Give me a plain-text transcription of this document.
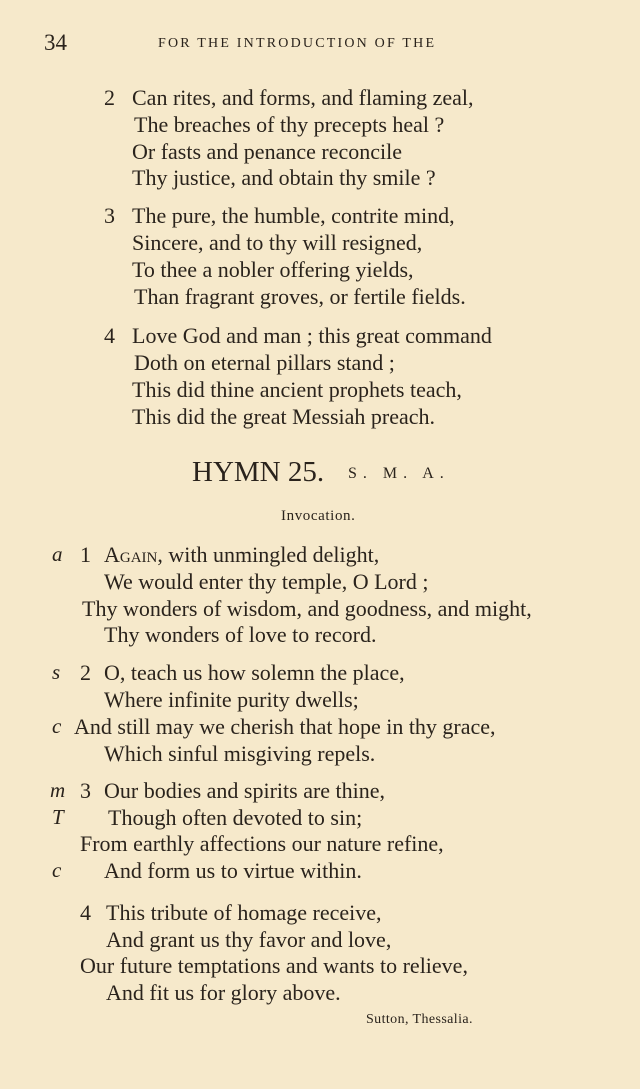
34	FOR THE INTRODUCTION OF THE
2 Can rites, and forms, and flaming zeal,
The breaches of thy precepts heal ?
Or fasts and penance reconcile
Thy justice, and obtain thy smile ?
3 The pure, the humble, contrite mind,
Sincere, and to thy will resigned,
To thee a nobler offering yields,
Than fragrant groves, or fertile fields.
4 Love God and man ; this great command
Doth on eternal pillars stand ;
This did thine ancient prophets teach,
This did the great Messiah preach.
HYMN 25. S. M. A.
Invocation.
a 1 Again, with unmingled delight,
We would enter thy temple, O Lord ;
Thy wonders of wisdom, and goodness, and might,
Thy wonders of love to record.
s 2 O, teach us how solemn the place,
Where infinite purity dwells;
c And still may we cherish that hope in thy grace,
Which sinful misgiving repels.
m 3 Our bodies and spirits are thine,
T Though often devoted to sin;
From earthly affections our nature refine,
c And form us to virtue within.
4 This tribute of homage receive,
And grant us thy favor and love,
Our future temptations and wants to relieve,
And fit us for glory above.
Sutton, Thessalia.
